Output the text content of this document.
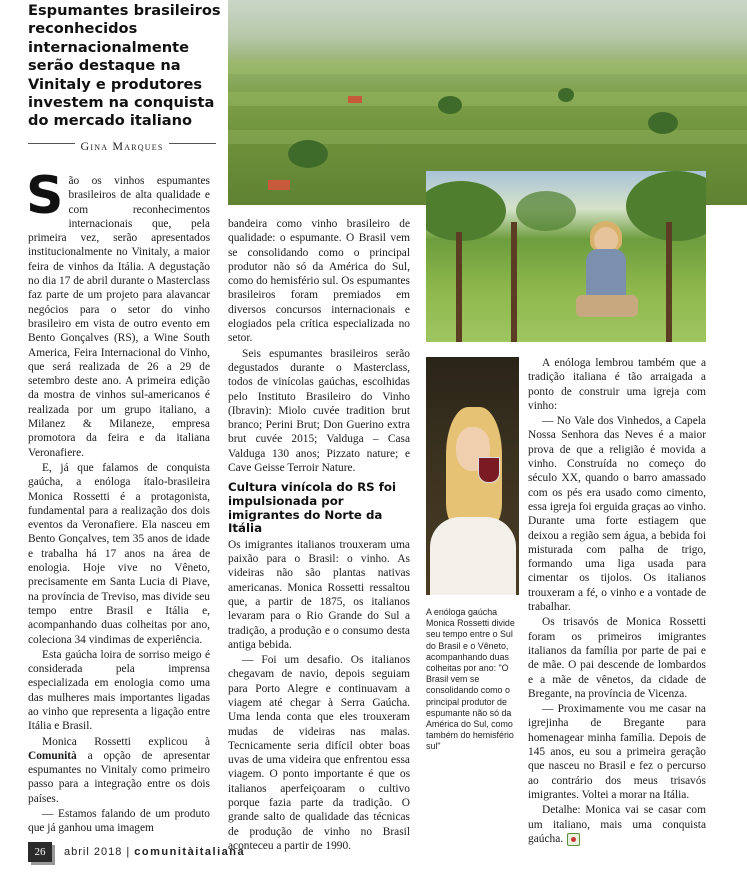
Espumantes brasileiros reconhecidos internacionalmente serão destaque na Vinitaly e produtores investem na conquista do mercado italiano
Gina Marques

São os vinhos espumantes brasileiros de alta qualidade e com reconhecimentos internacionais que, pela primeira vez, serão apresentados institucionalmente no Vinitaly, a maior feira de vinhos da Itália. A degustação no dia 17 de abril durante o Masterclass faz parte de um projeto para alavancar negócios para o setor do vinho brasileiro em vista de outro evento em Bento Gonçalves (RS), a Wine South America, Feira Internacional do Vinho, que será realizada de 26 a 29 de setembro deste ano. A primeira edição da mostra de vinhos sul-americanos é realizada por um grupo italiano, a Milanez & Milaneze, empresa promotora da feira e da italiana Veronafiere.

E, já que falamos de conquista gaúcha, a enóloga ítalo-brasileira Monica Rossetti é a protagonista, fundamental para a realização dos dois eventos da Veronafiere. Ela nasceu em Bento Gonçalves, tem 35 anos de idade e trabalha há 17 anos na área de enologia. Hoje vive no Vêneto, precisamente em Santa Lucia di Piave, na província de Treviso, mas divide seu tempo entre Brasil e Itália e, acompanhando duas colheitas por ano, coleciona 34 vindimas de experiência.

Esta gaúcha loira de sorriso meigo é considerada pela imprensa especializada em enologia como uma das mulheres mais importantes ligadas ao vinho que representa a ligação entre Itália e Brasil.

Monica Rossetti explicou à Comunità a opção de apresentar espumantes no Vinitaly como primeiro passo para a integração entre os dois países.

— Estamos falando de um produto que já ganhou uma imagem

bandeira como vinho brasileiro de qualidade: o espumante. O Brasil vem se consolidando como o principal produtor não só da América do Sul, como do hemisfério sul. Os espumantes brasileiros foram premiados em diversos concursos internacionais e elogiados pela crítica especializada no setor.

Seis espumantes brasileiros serão degustados durante o Masterclass, todos de vinícolas gaúchas, escolhidas pelo Instituto Brasileiro do Vinho (Ibravin): Miolo cuvée tradition brut branco; Perini Brut; Don Guerino extra brut cuvée 2015; Valduga – Casa Valduga 130 anos; Pizzato nature; e Cave Geisse Terroir Nature.

Cultura vinícola do RS foi impulsionada por imigrantes do Norte da Itália

Os imigrantes italianos trouxeram uma paixão para o Brasil: o vinho. As videiras não são plantas nativas americanas. Monica Rossetti ressaltou que, a partir de 1875, os italianos levaram para o Rio Grande do Sul a tradição, a produção e o consumo desta antiga bebida.

— Foi um desafio. Os italianos chegavam de navio, depois seguiam para Porto Alegre e continuavam a viagem até chegar à Serra Gaúcha. Uma lenda conta que eles trouxeram mudas de videiras nas malas. Tecnicamente seria difícil obter boas uvas de uma videira que enfrentou essa viagem. O ponto importante é que os italianos aperfeiçoaram o cultivo porque fazia parte da tradição. O grande salto de qualidade das técnicas de produção de vinho no Brasil aconteceu a partir de 1990.

A enóloga gaúcha Monica Rossetti divide seu tempo entre o Sul do Brasil e o Vêneto, acompanhando duas colheitas por ano: "O Brasil vem se consolidando como o principal produtor de espumante não só da América do Sul, como também do hemisfério sul"

A enóloga lembrou também que a tradição italiana é tão arraigada a ponto de construir uma igreja com vinho:

— No Vale dos Vinhedos, a Capela Nossa Senhora das Neves é a maior prova de que a religião é movida a vinho. Construída no começo do século XX, quando o barro amassado com os pés era usado como cimento, essa igreja foi erguida graças ao vinho. Durante uma forte estiagem que deixou a região sem água, a bebida foi misturada com palha de trigo, formando uma liga usada para cimentar os tijolos. Os italianos trouxeram a fé, o vinho e a vontade de trabalhar.

Os trisavós de Monica Rossetti foram os primeiros imigrantes italianos da família por parte de pai e de mãe. O pai descende de lombardos e a mãe de vênetos, da cidade de Bregante, na província de Vicenza.

— Proximamente vou me casar na igrejinha de Bregante para homenagear minha família. Depois de 145 anos, eu sou a primeira geração que nasceu no Brasil e fez o percurso ao contrário dos meus trisavós imigrantes. Voltei a morar na Itália.

Detalhe: Monica vai se casar com um italiano, mais uma conquista gaúcha.

26	abril 2018 | comunitàitaliana
